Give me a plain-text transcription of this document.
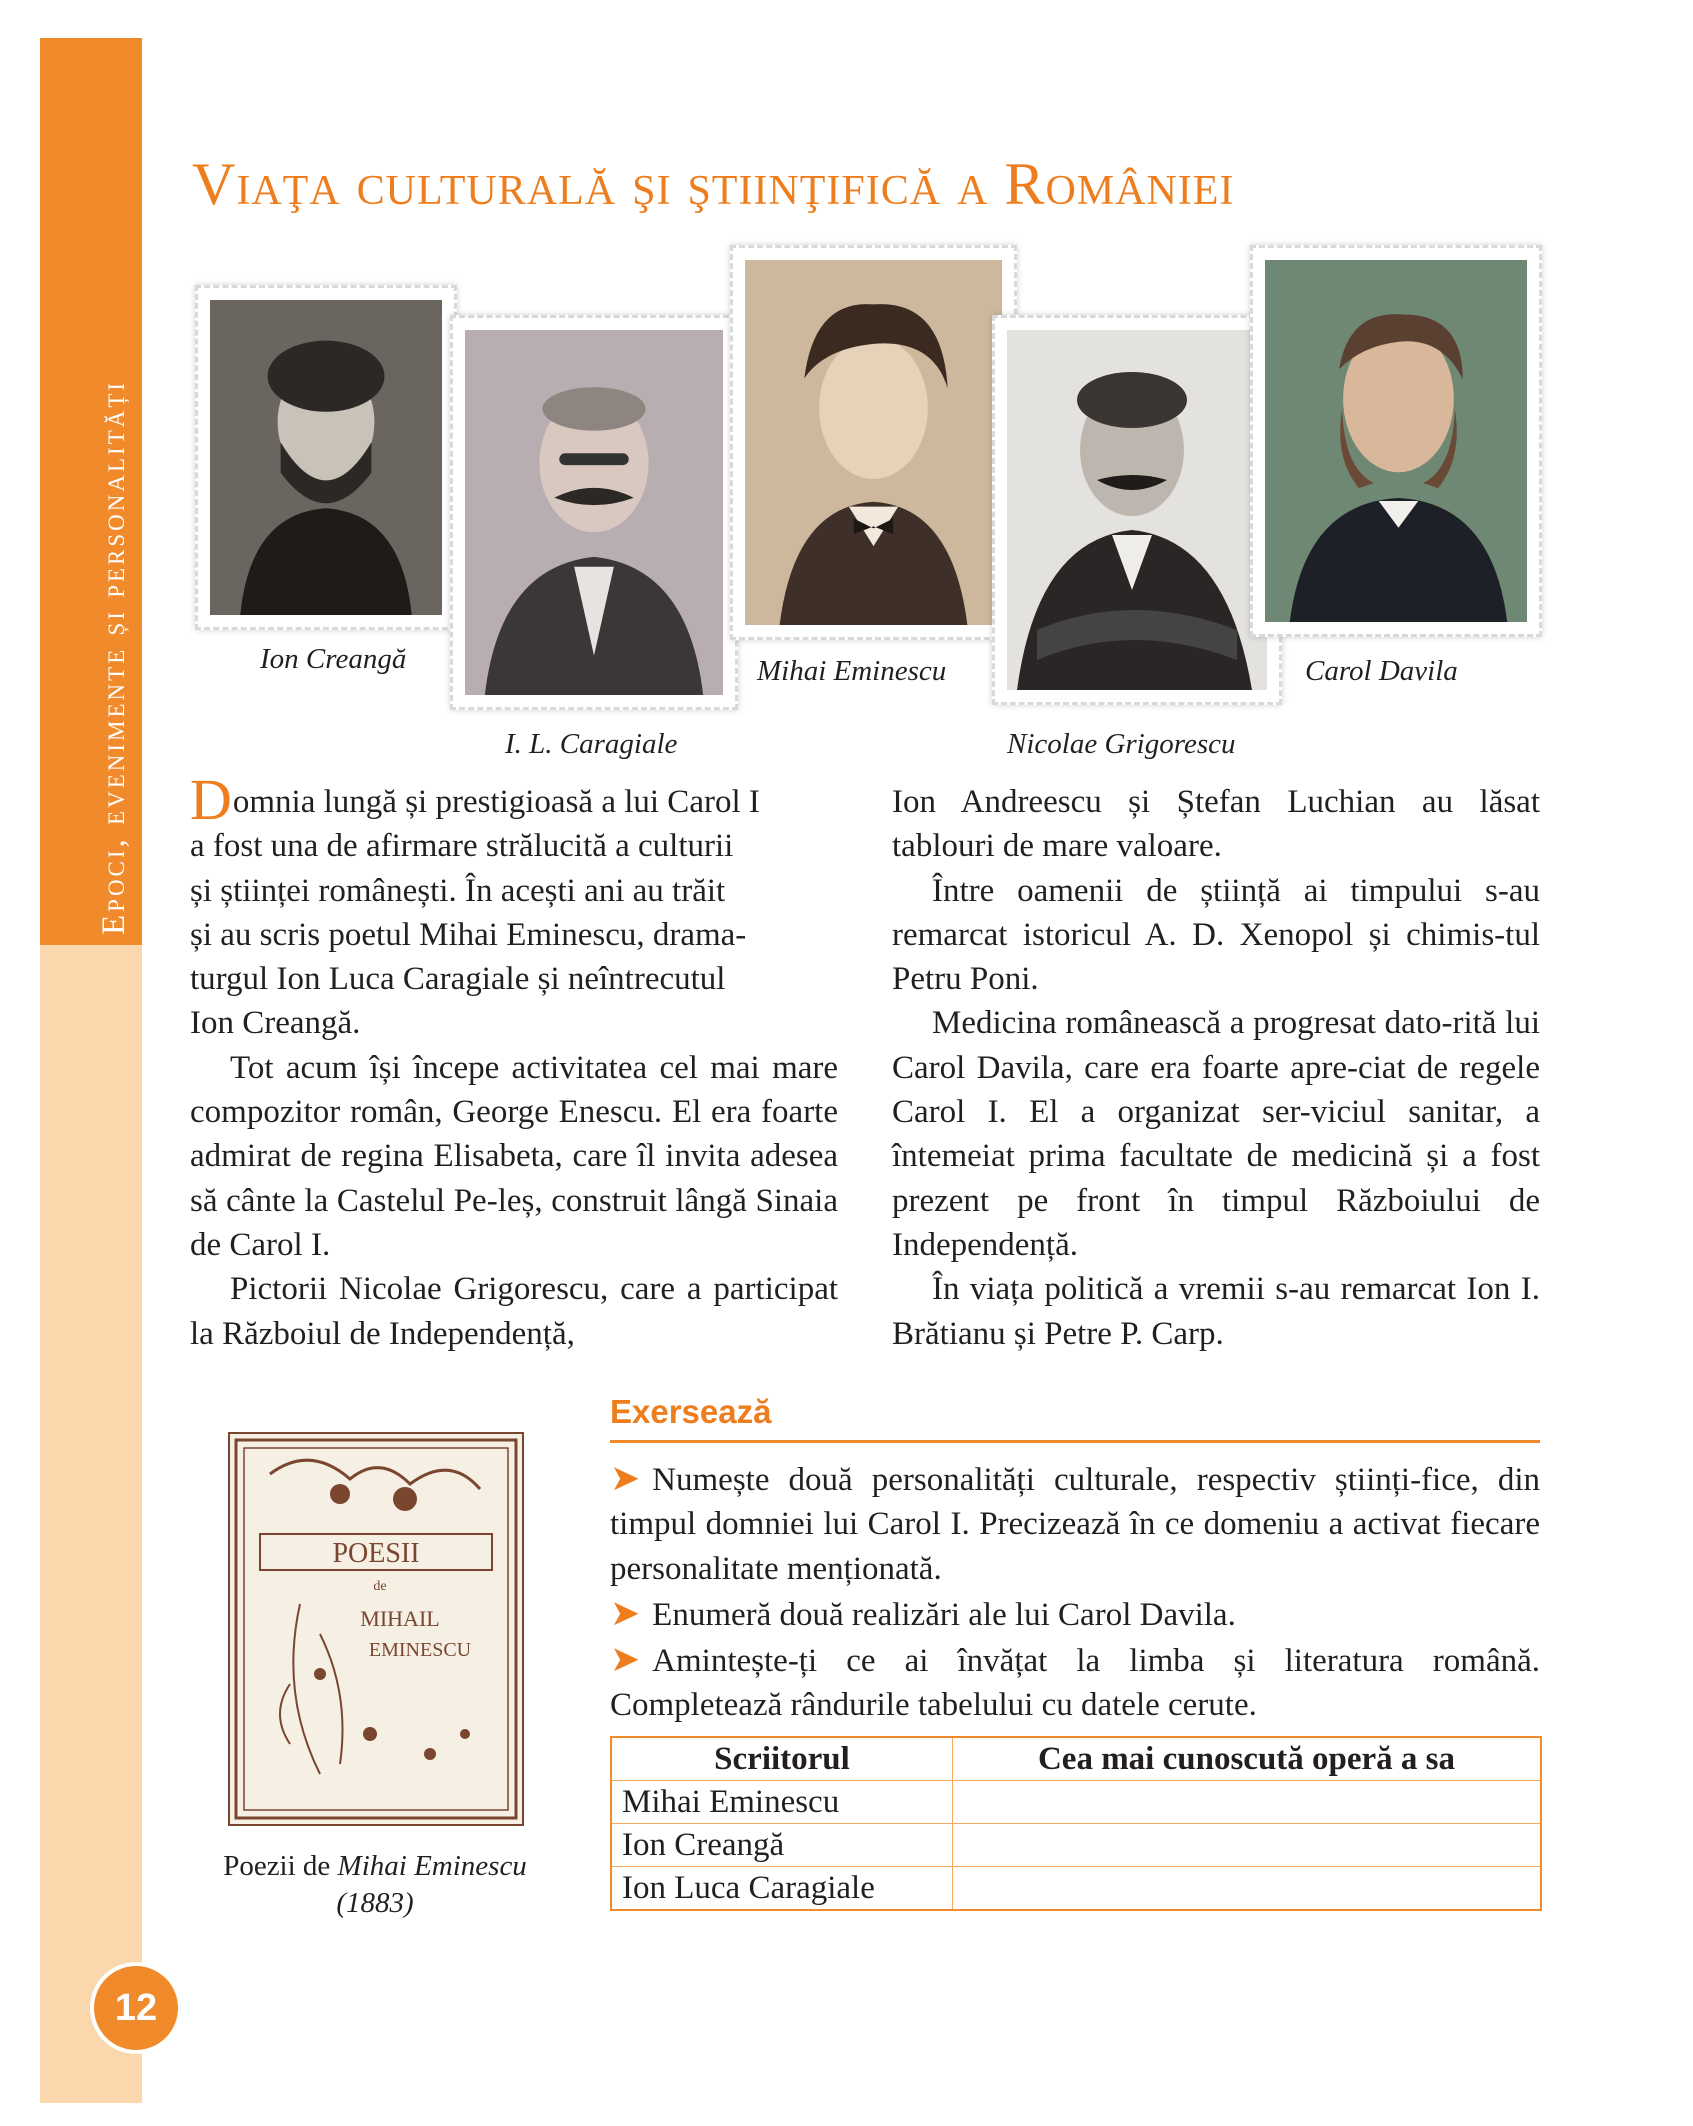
Epoci, evenimente și personalități
12
Viaţa culturală şi ştiinţifică a României
Ion Creangă
I. L. Caragiale
Mihai Eminescu
Nicolae Grigorescu
Carol Davila

Domnia lungă și prestigioasă a lui Carol I
a fost una de afirmare strălucită a culturii
și științei românești. În acești ani au trăit
și au scris poetul Mihai Eminescu, drama-
turgul Ion Luca Caragiale și neîntrecutul
Ion Creangă.

Tot acum își începe activitatea cel mai mare compozitor român, George Enescu. El era foarte admirat de regina Elisabeta, care îl invita adesea să cânte la Castelul Pe-leș, construit lângă Sinaia de Carol I.

Pictorii Nicolae Grigorescu, care a participat la Războiul de Independență,

Ion Andreescu și Ștefan Luchian au lăsat tablouri de mare valoare.

Între oamenii de știință ai timpului s-au remarcat istoricul A. D. Xenopol și chimis-tul Petru Poni.

Medicina românească a progresat dato-rită lui Carol Davila, care era foarte apre-ciat de regele Carol I. El a organizat ser-viciul sanitar, a întemeiat prima facultate de medicină și a fost prezent pe front în timpul Războiului de Independență.

În viața politică a vremii s-au remarcat Ion I. Brătianu și Petre P. Carp.

POESII
de
MIHAIL
EMINESCU
Poezii de Mihai Eminescu
(1883)
Exersează

➤ Numește două personalități culturale, respectiv științi-fice, din timpul domniei lui Carol I. Precizează în ce domeniu a activat fiecare personalitate menționată.

➤ Enumeră două realizări ale lui Carol Davila.

➤ Amintește-ți ce ai învățat la limba și literatura română. Completează rândurile tabelului cu datele cerute.

Scriitorul	Cea mai cunoscută operă a sa
Mihai Eminescu	
Ion Creangă	
Ion Luca Caragiale	
